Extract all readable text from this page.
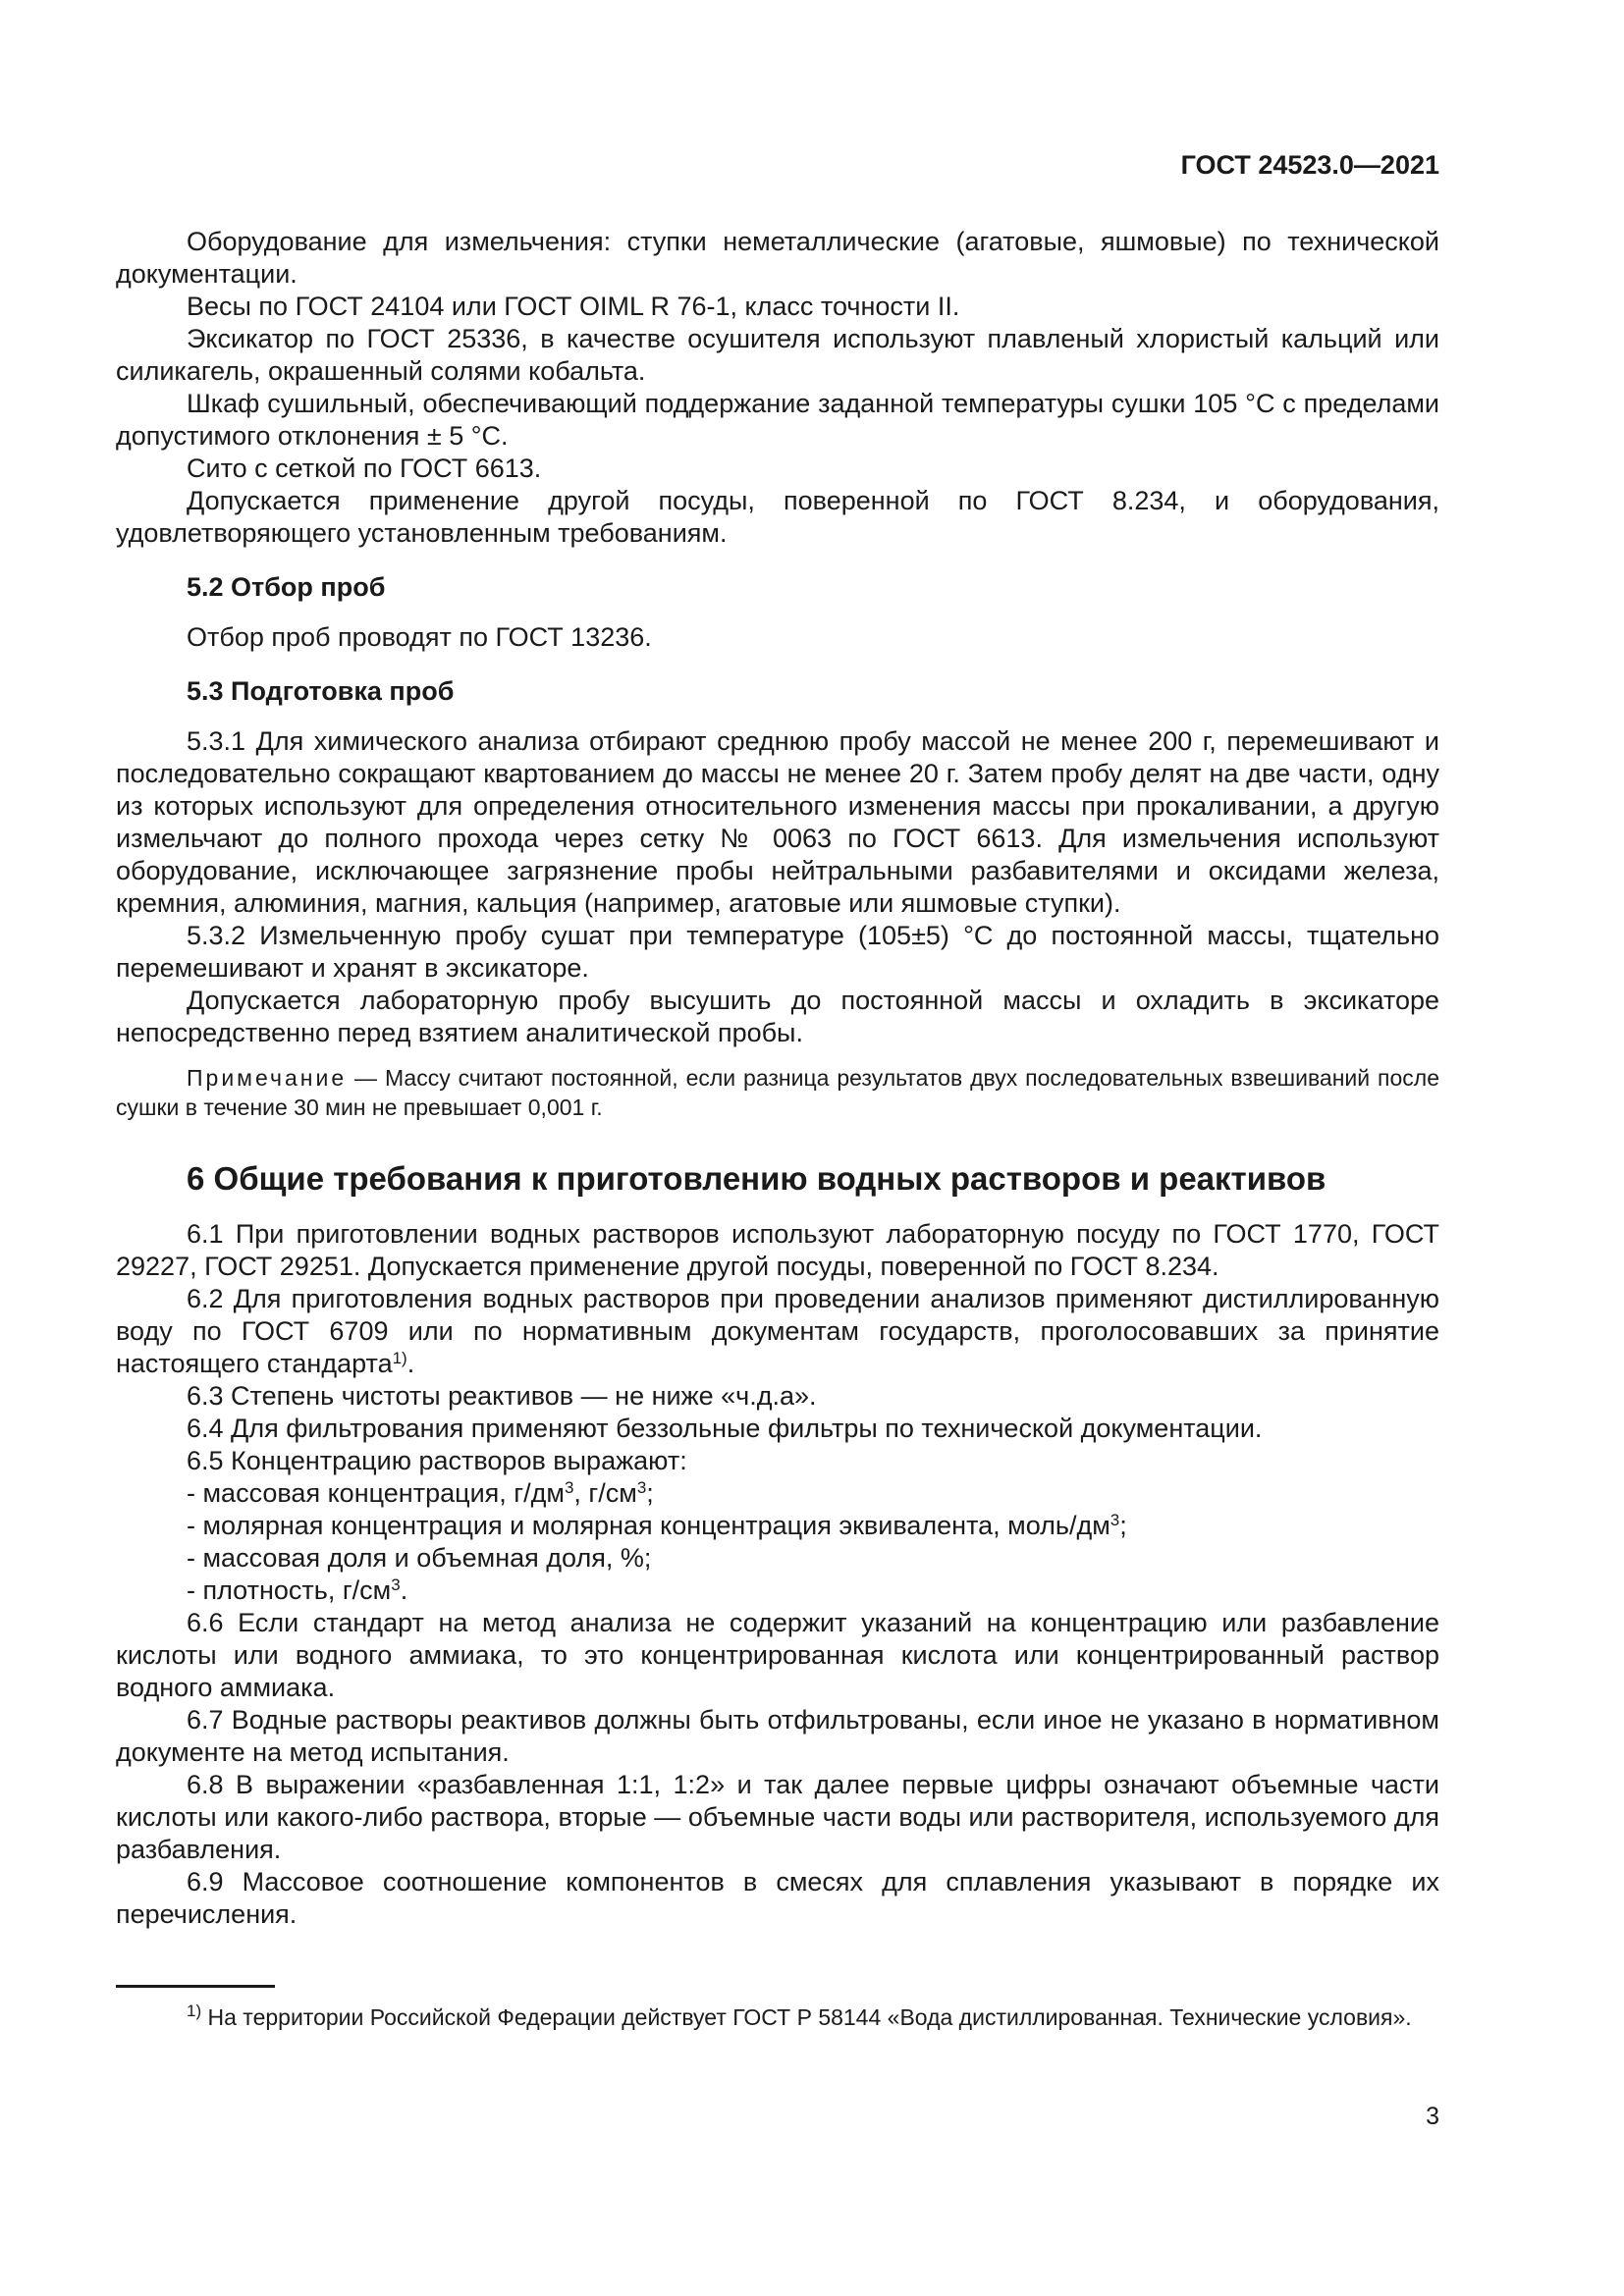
ГОСТ 24523.0—2021

Оборудование для измельчения: ступки неметаллические (агатовые, яшмовые) по технической документации.

Весы по ГОСТ 24104 или ГОСТ OIML R 76-1, класс точности II.

Эксикатор по ГОСТ 25336, в качестве осушителя используют плавленый хлористый кальций или силикагель, окрашенный солями кобальта.

Шкаф сушильный, обеспечивающий поддержание заданной температуры сушки 105 °С с пределами допустимого отклонения ± 5 °С.

Сито с сеткой по ГОСТ 6613.

Допускается применение другой посуды, поверенной по ГОСТ 8.234, и оборудования, удовлетворяющего установленным требованиям.

5.2 Отбор проб

Отбор проб проводят по ГОСТ 13236.

5.3 Подготовка проб

5.3.1 Для химического анализа отбирают среднюю пробу массой не менее 200 г, перемешивают и последовательно сокращают квартованием до массы не менее 20 г. Затем пробу делят на две части, одну из которых используют для определения относительного изменения массы при прокаливании, а другую измельчают до полного прохода через сетку № 0063 по ГОСТ 6613. Для измельчения используют оборудование, исключающее загрязнение пробы нейтральными разбавителями и оксидами железа, кремния, алюминия, магния, кальция (например, агатовые или яшмовые ступки).

5.3.2 Измельченную пробу сушат при температуре (105±5) °С до постоянной массы, тщательно перемешивают и хранят в эксикаторе.

Допускается лабораторную пробу высушить до постоянной массы и охладить в эксикаторе непосредственно перед взятием аналитической пробы.

Примечание — Массу считают постоянной, если разница результатов двух последовательных взвешиваний после сушки в течение 30 мин не превышает 0,001 г.

6 Общие требования к приготовлению водных растворов и реактивов

6.1 При приготовлении водных растворов используют лабораторную посуду по ГОСТ 1770, ГОСТ 29227, ГОСТ 29251. Допускается применение другой посуды, поверенной по ГОСТ 8.234.

6.2 Для приготовления водных растворов при проведении анализов применяют дистиллированную воду по ГОСТ 6709 или по нормативным документам государств, проголосовавших за принятие настоящего стандарта$^{1)}$.

6.3 Степень чистоты реактивов — не ниже «ч.д.а».

6.4 Для фильтрования применяют беззольные фильтры по технической документации.

6.5 Концентрацию растворов выражают:

- массовая концентрация, $г/дм^3$, $г/см^3$;

- молярная концентрация и молярная концентрация эквивалента, моль/$дм^3$;

- массовая доля и объемная доля, %;

- плотность, $г/см^3$.

6.6 Если стандарт на метод анализа не содержит указаний на концентрацию или разбавление кислоты или водного аммиака, то это концентрированная кислота или концентрированный раствор водного аммиака.

6.7 Водные растворы реактивов должны быть отфильтрованы, если иное не указано в нормативном документе на метод испытания.

6.8 В выражении «разбавленная 1:1, 1:2» и так далее первые цифры означают объемные части кислоты или какого-либо раствора, вторые — объемные части воды или растворителя, используемого для разбавления.

6.9 Массовое соотношение компонентов в смесях для сплавления указывают в порядке их перечисления.

$^{1)}$ На территории Российской Федерации действует ГОСТ Р 58144 «Вода дистиллированная. Технические условия».

3
